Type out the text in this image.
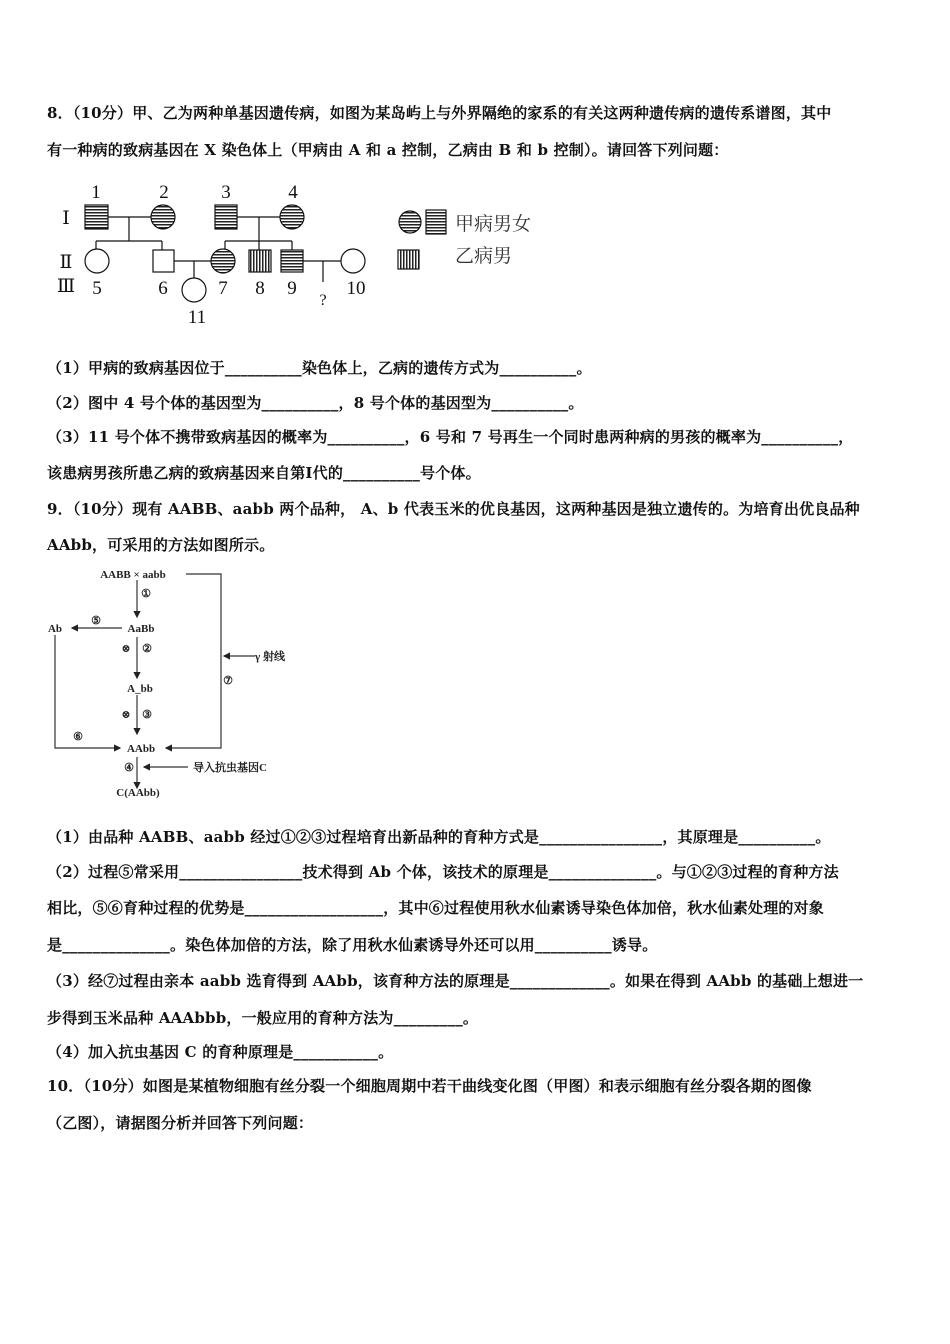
8．（10分）甲、乙为两种单基因遗传病，如图为某岛屿上与外界隔绝的家系的有关这两种遗传病的遗传系谱图，其中
有一种病的致病基因在 X 染色体上（甲病由 A 和 a 控制，乙病由 B 和 b 控制）。请回答下列问题：
Ⅰ
Ⅱ
Ⅲ
1	2	3	4
5	6	7 8 9	10
11
?
甲病男女
乙病男
（1）甲病的致病基因位于__________染色体上，乙病的遗传方式为__________。
（2）图中 4 号个体的基因型为__________，8 号个体的基因型为__________。
（3）11 号个体不携带致病基因的概率为__________，6 号和 7 号再生一个同时患两种病的男孩的概率为__________，
该患病男孩所患乙病的致病基因来自第Ⅰ代的__________号个体。
9．（10分）现有 AABB、aabb 两个品种， A、b 代表玉米的优良基因，这两种基因是独立遗传的。为培育出优良品种
AAbb，可采用的方法如图所示。
AABB × aabb
AaBb
Ab
A_bb
AAbb
C(AAbb)
①
⑤
⊗ ②
⊗ ③
⑥
⑦
④
γ 射线
导入抗虫基因C
（1）由品种 AABB、aabb 经过①②③过程培育出新品种的育种方式是________________，其原理是__________。
（2）过程⑤常采用________________技术得到 Ab 个体，该技术的原理是______________。与①②③过程的育种方法
相比，⑤⑥育种过程的优势是__________________，其中⑥过程使用秋水仙素诱导染色体加倍，秋水仙素处理的对象
是______________。染色体加倍的方法，除了用秋水仙素诱导外还可以用__________诱导。
（3）经⑦过程由亲本 aabb 选育得到 AAbb，该育种方法的原理是_____________。如果在得到 AAbb 的基础上想进一
步得到玉米品种 AAAbbb，一般应用的育种方法为_________。
（4）加入抗虫基因 C 的育种原理是___________。
10．（10分）如图是某植物细胞有丝分裂一个细胞周期中若干曲线变化图（甲图）和表示细胞有丝分裂各期的图像
（乙图），请据图分析并回答下列问题：
